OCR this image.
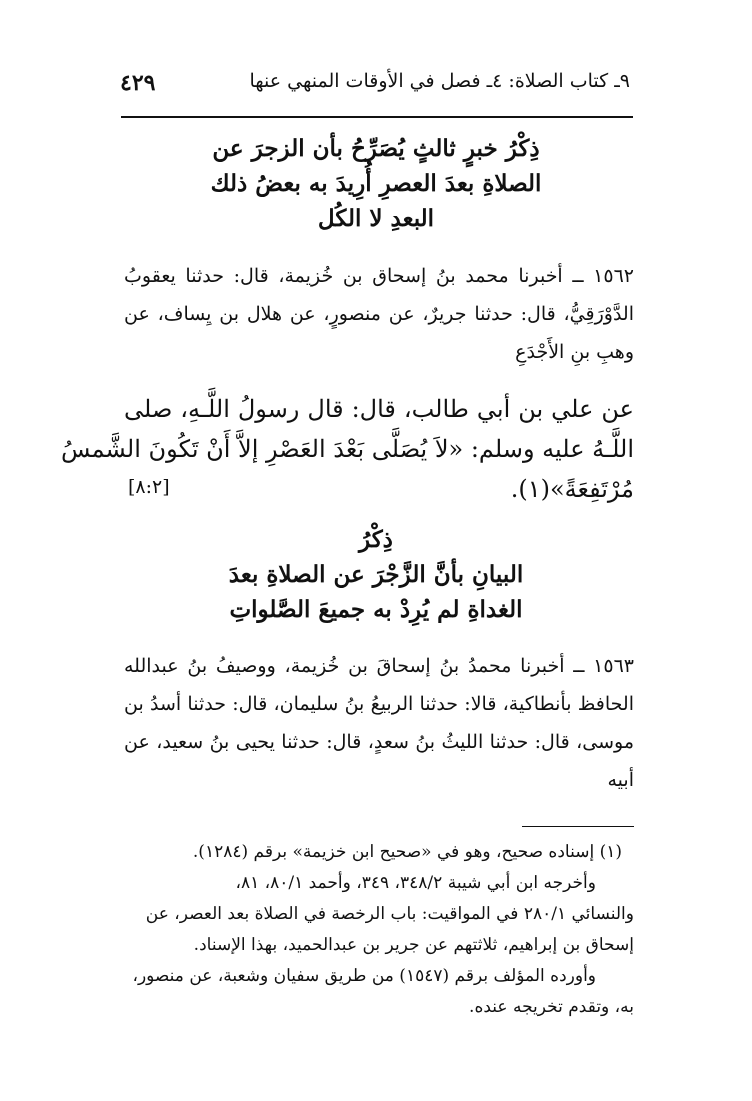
٩ـ كتاب الصلاة: ٤ـ فصل في الأوقات المنهي عنها
٤٢٩
ذِكْرُ خبرٍ ثالثٍ يُصَرِّحُ بأن الزجرَ عن
الصلاةِ بعدَ العصرِ أُرِيدَ به بعضُ ذلك
البعدِ لا الكُل
١٥٦٢ ــ أخبرنا محمد بنُ إسحاق بن خُزيمة، قال: حدثنا يعقوبُ
الدَّوْرَقِيُّ، قال: حدثنا جريرٌ، عن منصورٍ، عن هلال بن يِساف، عن
وهبِ بنِ الأَجْدَعِ
عن علي بن أبي طالب، قال: قال رسولُ اللَّـهِ، صلى
اللَّـهُ عليه وسلم: «لاَ يُصَلَّى بَعْدَ العَصْرِ إلاَّ أَنْ تَكُونَ الشَّمسُ
مُرْتَفِعَةً»(١).
[٨:٢]
ذِكْرُ
البيانِ بأنَّ الزَّجْرَ عن الصلاةِ بعدَ
الغداةِ لم يُرِدْ به جميعَ الصَّلواتِ
١٥٦٣ ــ أخبرنا محمدُ بنُ إسحاقَ بن خُزيمة، ووصيفُ بنُ عبدالله
الحافظ بأنطاكية، قالا: حدثنا الربيعُ بنُ سليمان، قال: حدثنا أسدُ بن
موسى، قال: حدثنا الليثُ بنُ سعدٍ، قال: حدثنا يحيى بنُ سعيد، عن
أبيه
(١) إسناده صحيح، وهو في «صحيح ابن خزيمة» برقم (١٢٨٤).
وأخرجه ابن أبي شيبة ٣٤٨/٢، ٣٤٩، وأحمد ٨٠/١، ٨١،
والنسائي ٢٨٠/١ في المواقيت: باب الرخصة في الصلاة بعد العصر، عن
إسحاق بن إبراهيم، ثلاثتهم عن جرير بن عبدالحميد، بهذا الإسناد.
وأورده المؤلف برقم (١٥٤٧) من طريق سفيان وشعبة، عن منصور،
به، وتقدم تخريجه عنده.
